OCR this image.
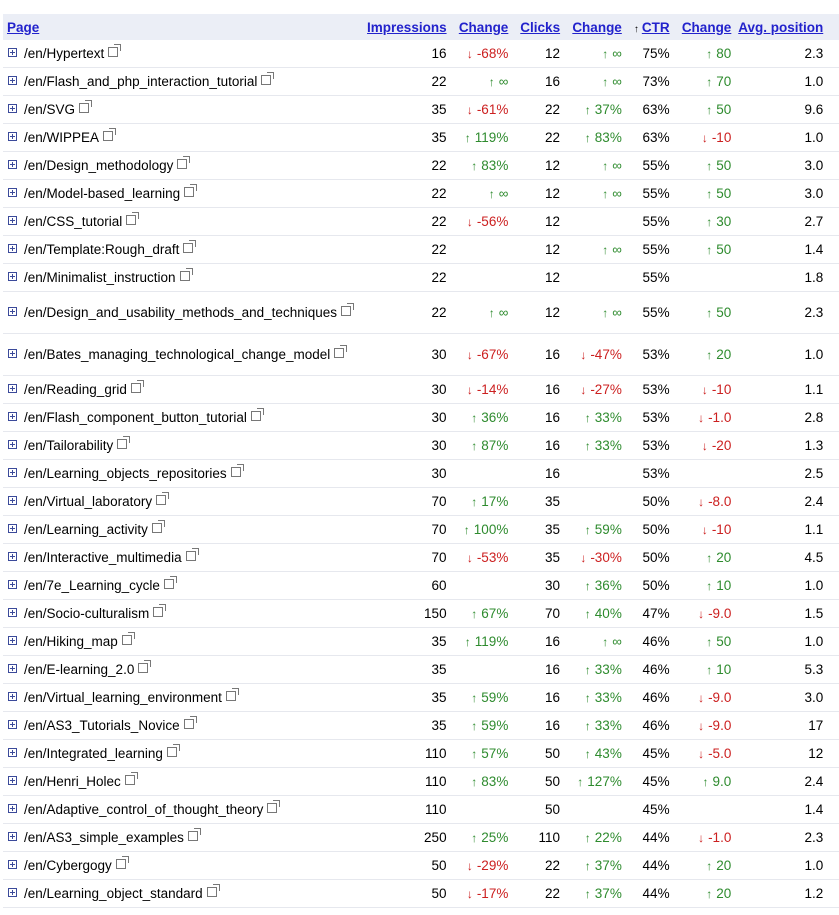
Page	Impressions	Change	Clicks	Change	↑ CTR	Change	Avg. position	
/en/Hypertext	16	↓ -68%	12	↑ ∞	75%	↑ 80	2.3	
/en/Flash_and_php_interaction_tutorial	22	↑ ∞	16	↑ ∞	73%	↑ 70	1.0	
/en/SVG	35	↓ -61%	22	↑ 37%	63%	↑ 50	9.6	
/en/WIPPEA	35	↑ 119%	22	↑ 83%	63%	↓ -10	1.0	
/en/Design_methodology	22	↑ 83%	12	↑ ∞	55%	↑ 50	3.0	
/en/Model-based_learning	22	↑ ∞	12	↑ ∞	55%	↑ 50	3.0	
/en/CSS_tutorial	22	↓ -56%	12		55%	↑ 30	2.7	
/en/Template:Rough_draft	22		12	↑ ∞	55%	↑ 50	1.4	
/en/Minimalist_instruction	22		12		55%		1.8	
/en/Design_and_usability_methods_and_techniques	22	↑ ∞	12	↑ ∞	55%	↑ 50	2.3	
/en/Bates_managing_technological_change_model	30	↓ -67%	16	↓ -47%	53%	↑ 20	1.0	
/en/Reading_grid	30	↓ -14%	16	↓ -27%	53%	↓ -10	1.1	
/en/Flash_component_button_tutorial	30	↑ 36%	16	↑ 33%	53%	↓ -1.0	2.8	
/en/Tailorability	30	↑ 87%	16	↑ 33%	53%	↓ -20	1.3	
/en/Learning_objects_repositories	30		16		53%		2.5	
/en/Virtual_laboratory	70	↑ 17%	35		50%	↓ -8.0	2.4	
/en/Learning_activity	70	↑ 100%	35	↑ 59%	50%	↓ -10	1.1	
/en/Interactive_multimedia	70	↓ -53%	35	↓ -30%	50%	↑ 20	4.5	
/en/7e_Learning_cycle	60		30	↑ 36%	50%	↑ 10	1.0	
/en/Socio-culturalism	150	↑ 67%	70	↑ 40%	47%	↓ -9.0	1.5	
/en/Hiking_map	35	↑ 119%	16	↑ ∞	46%	↑ 50	1.0	
/en/E-learning_2.0	35		16	↑ 33%	46%	↑ 10	5.3	
/en/Virtual_learning_environment	35	↑ 59%	16	↑ 33%	46%	↓ -9.0	3.0	
/en/AS3_Tutorials_Novice	35	↑ 59%	16	↑ 33%	46%	↓ -9.0	17	
/en/Integrated_learning	110	↑ 57%	50	↑ 43%	45%	↓ -5.0	12	
/en/Henri_Holec	110	↑ 83%	50	↑ 127%	45%	↑ 9.0	2.4	
/en/Adaptive_control_of_thought_theory	110		50		45%		1.4	
/en/AS3_simple_examples	250	↑ 25%	110	↑ 22%	44%	↓ -1.0	2.3	
/en/Cybergogy	50	↓ -29%	22	↑ 37%	44%	↑ 20	1.0	
/en/Learning_object_standard	50	↓ -17%	22	↑ 37%	44%	↑ 20	1.2	
